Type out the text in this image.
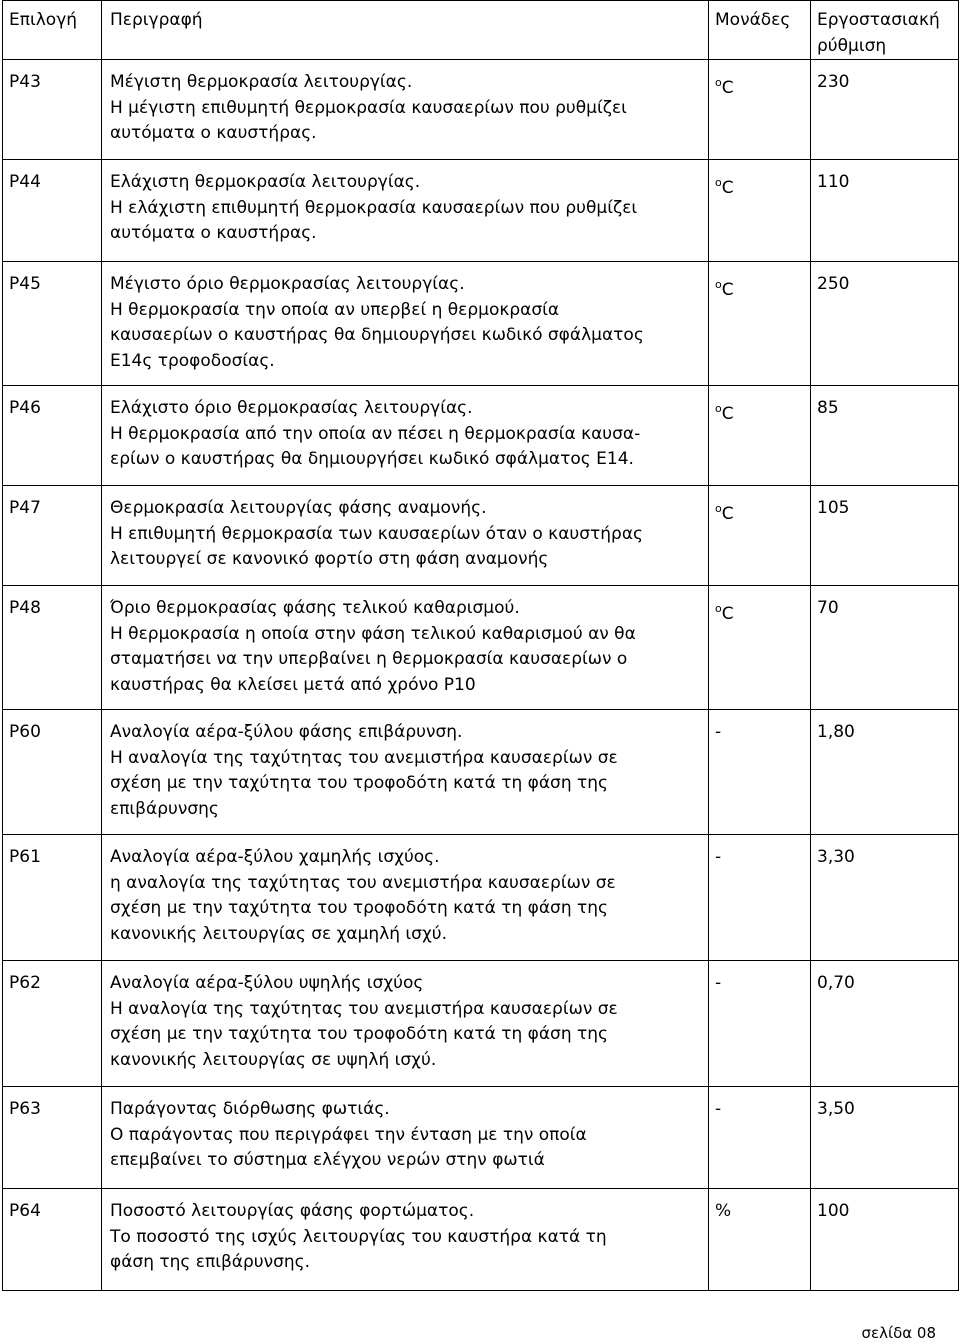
Επιλογή	Περιγραφή	Μονάδες	Εργοστασιακή
ρύθμιση

P43	Μέγιστη θερμοκρασία λειτουργίας.
Η μέγιστη επιθυμητή θερμοκρασία καυσαερίων που ρυθμίζει
αυτόματα ο καυστήρας.	$^o$C	230
P44	Ελάχιστη θερμοκρασία λειτουργίας.
Η ελάχιστη επιθυμητή θερμοκρασία καυσαερίων που ρυθμίζει
αυτόματα ο καυστήρας.	$^o$C	110
P45	Μέγιστο όριο θερμοκρασίας λειτουργίας.
Η θερμοκρασία την οποία αν υπερβεί η θερμοκρασία
καυσαερίων ο καυστήρας θα δημιουργήσει κωδικό σφάλματος
Ε14ς τροφοδοσίας.	$^o$C	250
P46	Ελάχιστο όριο θερμοκρασίας λειτουργίας.
Η θερμοκρασία από την οποία αν πέσει η θερμοκρασία καυσα-
ερίων ο καυστήρας θα δημιουργήσει κωδικό σφάλματος Ε14.	$^o$C	85
P47	Θερμοκρασία λειτουργίας φάσης αναμονής.
Η επιθυμητή θερμοκρασία των καυσαερίων όταν ο καυστήρας
λειτουργεί σε κανονικό φορτίο στη φάση αναμονής	$^o$C	105
P48	Όριο θερμοκρασίας φάσης τελικού καθαρισμού.
Η θερμοκρασία η οποία στην φάση τελικού καθαρισμού αν θα
σταματήσει να την υπερβαίνει η θερμοκρασία καυσαερίων ο
καυστήρας θα κλείσει μετά από χρόνο P10	$^o$C	70
P60	Αναλογία αέρα-ξύλου φάσης επιβάρυνση.
Η αναλογία της ταχύτητας του ανεμιστήρα καυσαερίων σε
σχέση με την ταχύτητα του τροφοδότη κατά τη φάση της
επιβάρυνσης	-	1,80
P61	Αναλογία αέρα-ξύλου χαμηλής ισχύος.
η αναλογία της ταχύτητας του ανεμιστήρα καυσαερίων σε
σχέση με την ταχύτητα του τροφοδότη κατά τη φάση της
κανονικής λειτουργίας σε χαμηλή ισχύ.	-	3,30
P62	Αναλογία αέρα-ξύλου υψηλής ισχύος
Η αναλογία της ταχύτητας του ανεμιστήρα καυσαερίων σε
σχέση με την ταχύτητα του τροφοδότη κατά τη φάση της
κανονικής λειτουργίας σε υψηλή ισχύ.	-	0,70
P63	Παράγοντας διόρθωσης φωτιάς.
Ο παράγοντας που περιγράφει την ένταση με την οποία
επεμβαίνει το σύστημα ελέγχου νερών στην φωτιά	-	3,50
P64	Ποσοστό λειτουργίας φάσης φορτώματος.
Το ποσοστό της ισχύς λειτουργίας του καυστήρα κατά τη
φάση της επιβάρυνσης.	%	100
σελίδα 08
